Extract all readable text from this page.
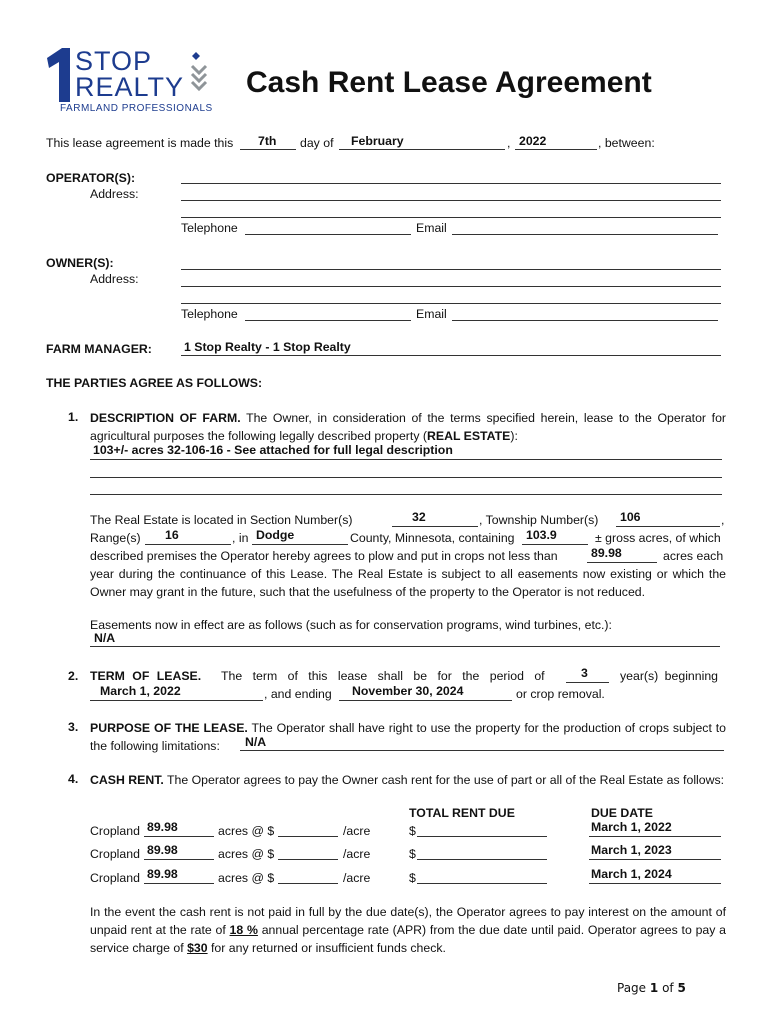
STOP
REALTY
FARMLAND PROFESSIONALS
Cash Rent Lease Agreement
This lease agreement is made this 7th day of February	, 2022	, between:
OPERATOR(S):
Address:
Telephone	Email
OWNER(S):
Address:
Telephone	Email
FARM MANAGER:	1 Stop Realty - 1 Stop Realty
THE PARTIES AGREE AS FOLLOWS:
1. DESCRIPTION OF FARM. The Owner, in consideration of the terms specified herein, lease to the Operator for agricultural purposes the following legally described property (REAL ESTATE):
103+/- acres 32-106-16 - See attached for full legal description
The Real Estate is located in Section Number(s)	32	, Township Number(s) 106	,
Range(s) 16	, in Dodge	County, Minnesota, containing 103.9	± gross acres, of which
described premises the Operator hereby agrees to plow and put in crops not less than	89.98	acres each
year during the continuance of this Lease. The Real Estate is subject to all easements now existing or which the Owner may grant in the future, such that the usefulness of the property to the Operator is not reduced.
Easements now in effect are as follows (such as for conservation programs, wind turbines, etc.):
N/A
2. TERM OF LEASE. The term of this lease shall be for the period of	3	year(s) beginning
March 1, 2022	, and ending November 30, 2024	or crop removal.
3. PURPOSE OF THE LEASE. The Operator shall have right to use the property for the production of crops subject to the following limitations:	N/A
4. CASH RENT. The Operator agrees to pay the Owner cash rent for the use of part or all of the Real Estate as follows:
TOTAL RENT DUE	DUE DATE
Cropland 89.98	acres @ $	/acre	$	March 1, 2022
Cropland 89.98	acres @ $	/acre	$	March 1, 2023
Cropland 89.98	acres @ $	/acre	$	March 1, 2024
In the event the cash rent is not paid in full by the due date(s), the Operator agrees to pay interest on the amount of unpaid rent at the rate of 18 % annual percentage rate (APR) from the due date until paid. Operator agrees to pay a service charge of $30 for any returned or insufficient funds check.
Page 1 of 5
